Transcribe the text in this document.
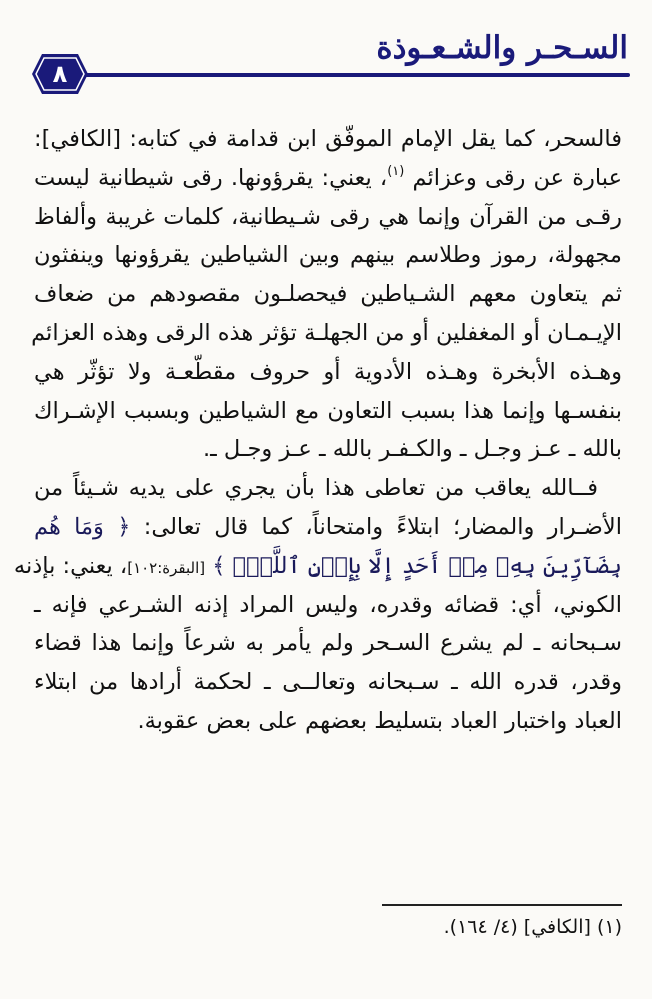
السـحـر والشـعـوذة
٨
فالسحر، كما يقل الإمام الموفّق ابن قدامة في كتابه: [الكافي]:
عبارة عن رقى وعزائم (١)، يعني: يقرؤونها. رقى شيطانية ليست
رقـى من القرآن وإنما هي رقى شـيطانية، كلمات غريبة وألفاظ
مجهولة، رموز وطلاسم بينهم وبين الشياطين يقرؤونها وينفثون
ثم يتعاون معهم الشـياطين فيحصلـون مقصودهم من ضعاف
الإيـمـان أو المغفلين أو من الجهلـة تؤثر هذه الرقى وهذه العزائم
وهـذه الأبخرة وهـذه الأدوية أو حروف مقطّعـة ولا تؤثّر هي
بنفسـها وإنما هذا بسبب التعاون مع الشياطين وبسبب الإشـراك
بالله ـ عـز وجـل ـ والكـفـر بالله ـ عـز وجـل ـ.
فــالله يعاقب من تعاطى هذا بأن يجري على يديه شـيئاً من
الأضـرار والمضار؛ ابتلاءً وامتحاناً، كما قال تعالى: ﴿ وَمَا هُم
بِضَآرِّينَ بِهِۦ مِنۡ أَحَدٍ إِلَّا بِإِذۡنِ ٱللَّهِۚ ﴾ [البقرة:١٠٢]، يعني: بإذنه
الكوني، أي: قضائه وقدره، وليس المراد إذنه الشـرعي فإنه ـ
سـبحانه ـ لم يشرع السـحر ولم يأمر به شرعاً وإنما هذا قضاء
وقدر، قدره الله ـ سـبحانه وتعالــى ـ لحكمة أرادها من ابتلاء
العباد واختبار العباد بتسليط بعضهم على بعض عقوبة.
(١) [الكافي] (٤/ ١٦٤).
